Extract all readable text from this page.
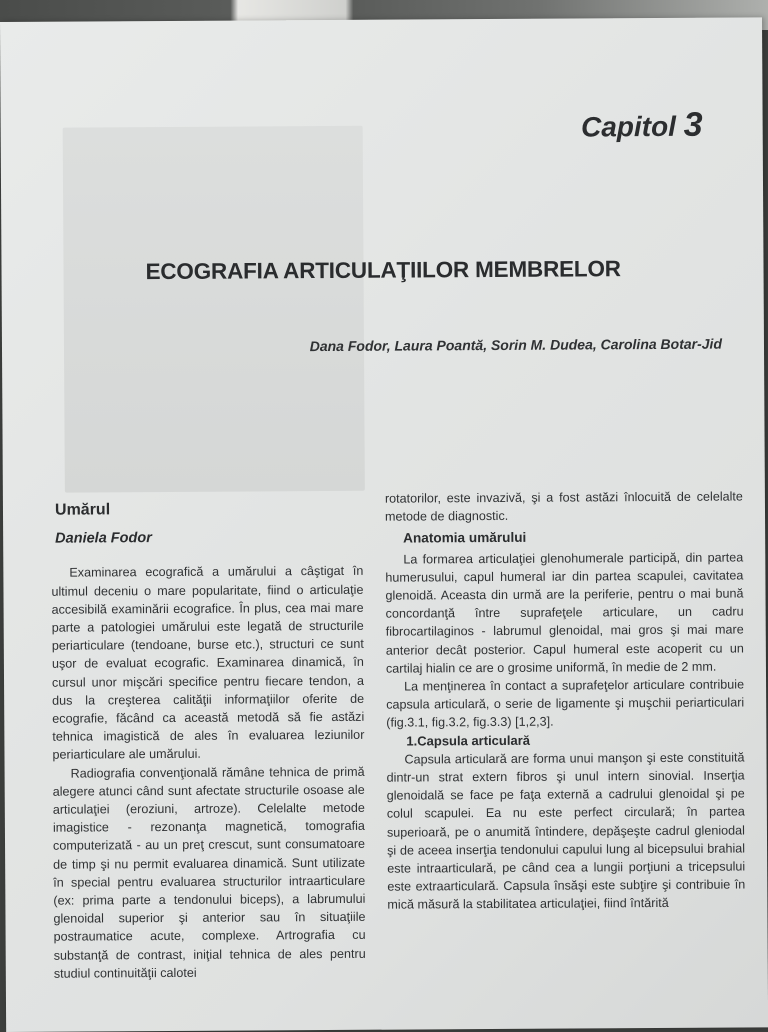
Capitol 3
ECOGRAFIA ARTICULAŢIILOR MEMBRELOR
Dana Fodor, Laura Poantă, Sorin M. Dudea, Carolina Botar-Jid
Umărul
Daniela Fodor

Examinarea ecografică a umărului a câştigat în ultimul deceniu o mare popularitate, fiind o articulaţie accesibilă examinării ecografice. În plus, cea mai mare parte a patologiei umărului este legată de structurile periarticulare (tendoane, burse etc.), structuri ce sunt uşor de evaluat ecografic. Examinarea dinamică, în cursul unor mişcări specifice pentru fiecare tendon, a dus la creşterea calităţii informaţiilor oferite de ecografie, făcând ca această metodă să fie astăzi tehnica imagistică de ales în evaluarea leziunilor periarticulare ale umărului.

Radiografia convenţională rămâne tehnica de primă alegere atunci când sunt afectate structurile osoase ale articulaţiei (eroziuni, artroze). Celelalte metode imagistice - rezonanţa magnetică, tomografia computerizată - au un preţ crescut, sunt consumatoare de timp şi nu permit evaluarea dinamică. Sunt utilizate în special pentru evaluarea structurilor intraarticulare (ex: prima parte a tendonului biceps), a labrumului glenoidal superior şi anterior sau în situaţiile postraumatice acute, complexe. Artrografia cu substanţă de contrast, iniţial tehnica de ales pentru studiul continuităţii calotei

rotatorilor, este invazivă, şi a fost astăzi înlocuită de celelalte metode de diagnostic.

Anatomia umărului

La formarea articulaţiei glenohumerale participă, din partea humerusului, capul humeral iar din partea scapulei, cavitatea glenoidă. Aceasta din urmă are la periferie, pentru o mai bună concordanţă între suprafeţele articulare, un cadru fibrocartilaginos - labrumul glenoidal, mai gros şi mai mare anterior decât posterior. Capul humeral este acoperit cu un cartilaj hialin ce are o grosime uniformă, în medie de 2 mm.

La menţinerea în contact a suprafeţelor articulare contribuie capsula articulară, o serie de ligamente şi muşchii periarticulari (fig.3.1, fig.3.2, fig.3.3) [1,2,3].

1.Capsula articulară

Capsula articulară are forma unui manşon şi este constituită dintr-un strat extern fibros şi unul intern sinovial. Inserţia glenoidală se face pe faţa externă a cadrului glenoidal şi pe colul scapulei. Ea nu este perfect circulară; în partea superioară, pe o anumită întindere, depăşeşte cadrul gleniodal şi de aceea inserţia tendonului capului lung al bicepsului brahial este intraarticulară, pe când cea a lungii porţiuni a tricepsului este extraarticulară. Capsula însăşi este subţire şi contribuie în mică măsură la stabilitatea articulaţiei, fiind întărită
